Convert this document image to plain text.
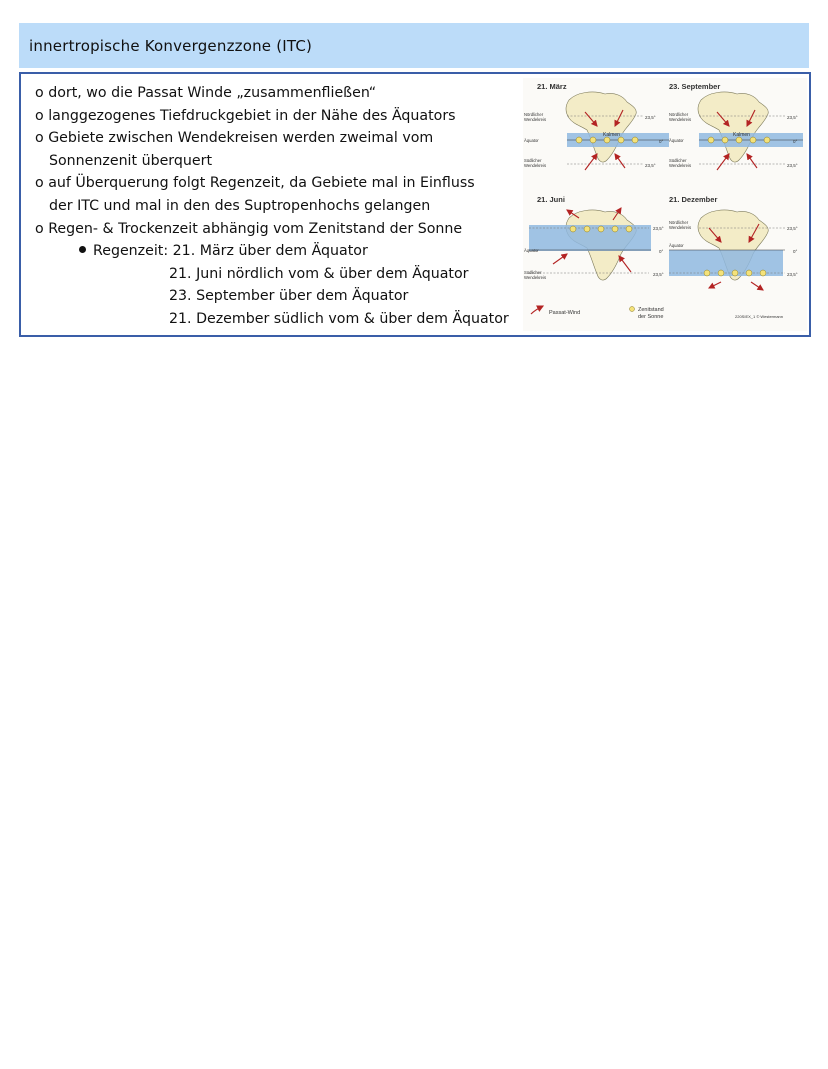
innertropische Konvergenzzone (ITC)
o dort, wo die Passat Winde „zusammenfließen“
o langgezogenes Tiefdruckgebiet in der Nähe des Äquators
o Gebiete zwischen Wendekreisen werden zweimal vom
Sonnenzenit überquert
o auf Überquerung folgt Regenzeit, da Gebiete mal in Einfluss
der ITC und mal in den des Suptropenhochs gelangen
o Regen- & Trockenzeit abhängig vom Zenitstand der Sonne
Regenzeit: 21. März über dem Äquator
21. Juni nördlich vom & über dem Äquator
23. September über dem Äquator
21. Dezember südlich vom & über dem Äquator
21. März
Nördlicher
Wendekreis
Äquator
Südlicher
Wendekreis
Kalmen
23,5°
0°
23,5°
23. September
Nördlicher
Wendekreis
Äquator
Südlicher
Wendekreis
Kalmen
23,5°
0°
23,5°
21. Juni
Äquator
Südlicher
Wendekreis
23,5°
0°
23,5°
21. Dezember
Nördlicher
Wendekreis
Äquator
23,5°
0°
23,5°
Passat-Wind	Zenitstand
der Sonne	220SIEX_1 © Westermann
